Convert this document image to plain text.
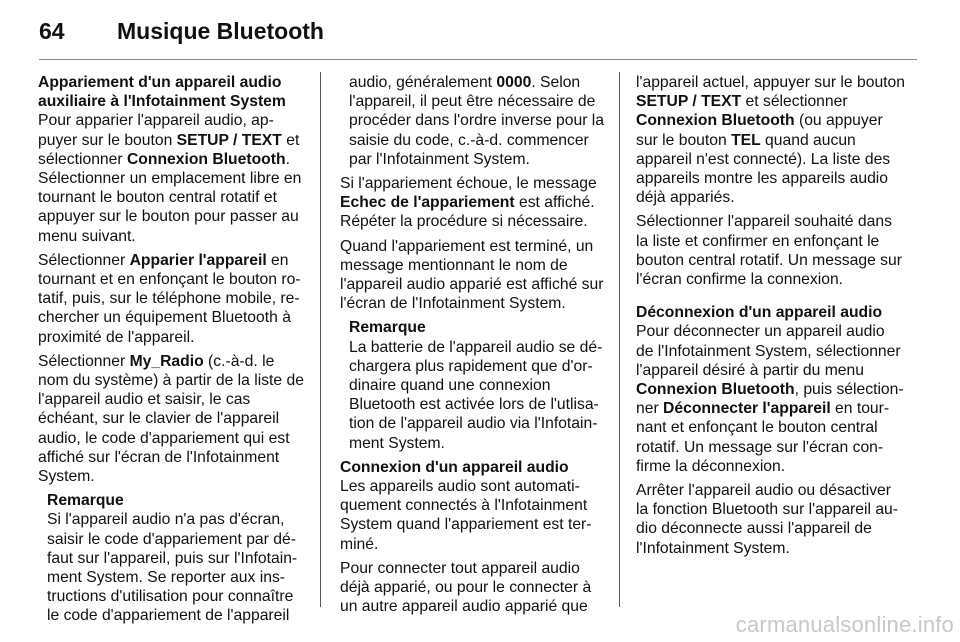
64 Musique Bluetooth

Appariement d'un appareil audio auxiliaire à l'Infotainment System

Pour apparier l'appareil audio, appuyer sur le bouton SETUP / TEXT et sélectionner Connexion Bluetooth. Sélectionner un emplacement libre en tournant le bouton central rotatif et appuyer sur le bouton pour passer au menu suivant.

Sélectionner Apparier l'appareil en tournant et en enfonçant le bouton rotatif, puis, sur le téléphone mobile, rechercher un équipement Bluetooth à proximité de l'appareil.

Sélectionner My_Radio (c.-à-d. le nom du système) à partir de la liste de l'appareil audio et saisir, le cas échéant, sur le clavier de l'appareil audio, le code d'appariement qui est affiché sur l'écran de l'Infotainment System.

Remarque
Si l'appareil audio n'a pas d'écran, saisir le code d'appariement par défaut sur l'appareil, puis sur l'Infotainment System. Se reporter aux instructions d'utilisation pour connaître le code d'appariement de l'appareil

audio, généralement 0000. Selon l'appareil, il peut être nécessaire de procéder dans l'ordre inverse pour la saisie du code, c.-à-d. commencer par l'Infotainment System.

Si l'appariement échoue, le message Echec de l'appariement est affiché. Répéter la procédure si nécessaire.

Quand l'appariement est terminé, un message mentionnant le nom de l'appareil audio apparié est affiché sur l'écran de l'Infotainment System.

Remarque
La batterie de l'appareil audio se déchargera plus rapidement que d'ordinaire quand une connexion Bluetooth est activée lors de l'utlisation de l'appareil audio via l'Infotainment System.

Connexion d'un appareil audio

Les appareils audio sont automatiquement connectés à l'Infotainment System quand l'appariement est terminé.

Pour connecter tout appareil audio déjà apparié, ou pour le connecter à un autre appareil audio apparié que

l'appareil actuel, appuyer sur le bouton SETUP / TEXT et sélectionner Connexion Bluetooth (ou appuyer sur le bouton TEL quand aucun appareil n'est connecté). La liste des appareils montre les appareils audio déjà appariés.

Sélectionner l'appareil souhaité dans la liste et confirmer en enfonçant le bouton central rotatif. Un message sur l'écran confirme la connexion.

Déconnexion d'un appareil audio

Pour déconnecter un appareil audio de l'Infotainment System, sélectionner l'appareil désiré à partir du menu Connexion Bluetooth, puis sélectionner Déconnecter l'appareil en tournant et enfonçant le bouton central rotatif. Un message sur l'écran confirme la déconnexion.

Arrêter l'appareil audio ou désactiver la fonction Bluetooth sur l'appareil audio déconnecte aussi l'appareil de l'Infotainment System.

carmanualsonline.info
